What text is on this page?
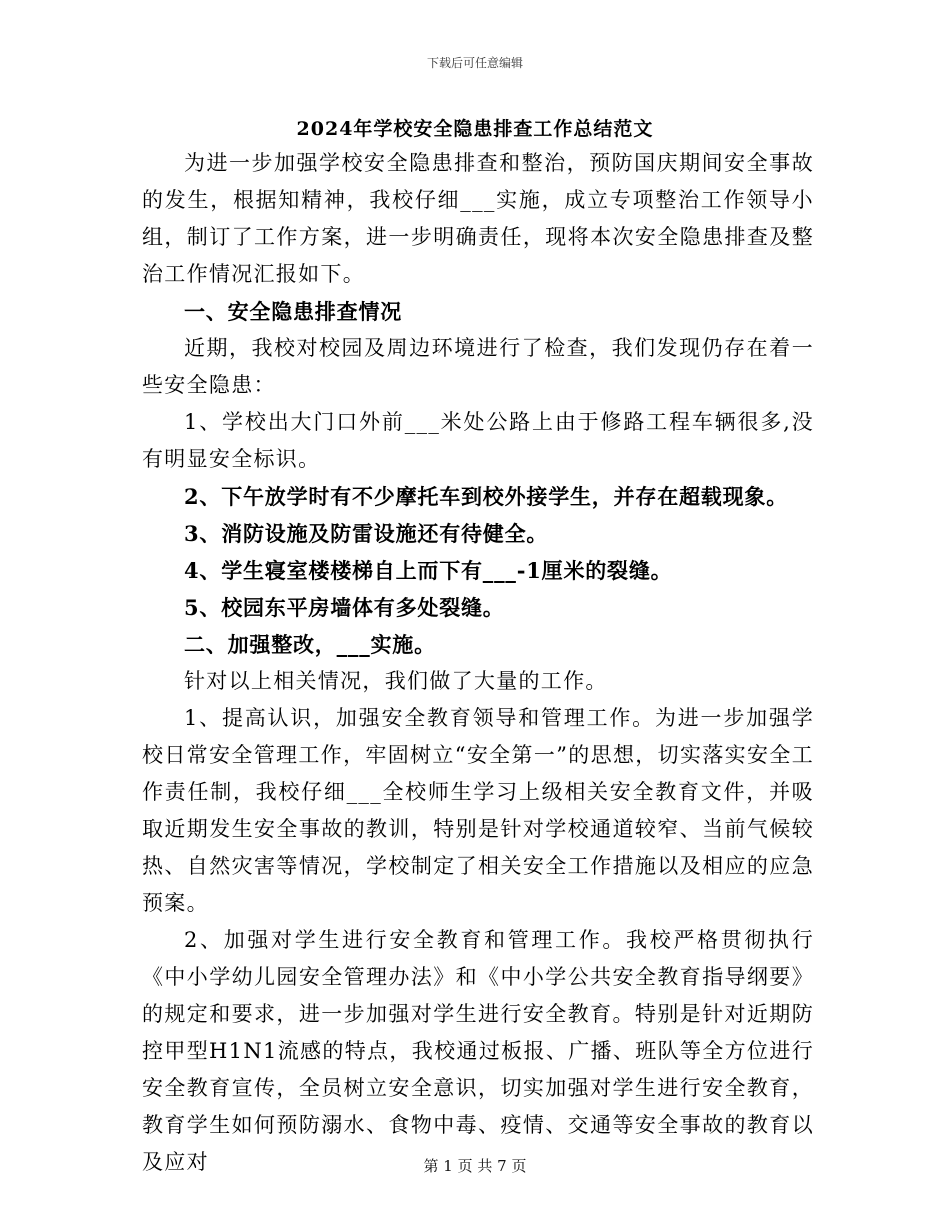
下载后可任意编辑
2024年学校安全隐患排查工作总结范文

为进一步加强学校安全隐患排查和整治，预防国庆期间安全事故的发生，根据知精神，我校仔细___实施，成立专项整治工作领导小组，制订了工作方案，进一步明确责任，现将本次安全隐患排查及整治工作情况汇报如下。

一、安全隐患排查情况

近期，我校对校园及周边环境进行了检查，我们发现仍存在着一些安全隐患：

1、学校出大门口外前___米处公路上由于修路工程车辆很多,没有明显安全标识。

2、下午放学时有不少摩托车到校外接学生，并存在超载现象。

3、消防设施及防雷设施还有待健全。

4、学生寝室楼楼梯自上而下有___-1厘米的裂缝。

5、校园东平房墙体有多处裂缝。

二、加强整改，___实施。

针对以上相关情况，我们做了大量的工作。

1、提高认识，加强安全教育领导和管理工作。为进一步加强学校日常安全管理工作，牢固树立“安全第一”的思想，切实落实安全工作责任制，我校仔细___全校师生学习上级相关安全教育文件，并吸取近期发生安全事故的教训，特别是针对学校通道较窄、当前气候较热、自然灾害等情况，学校制定了相关安全工作措施以及相应的应急预案。

2、加强对学生进行安全教育和管理工作。我校严格贯彻执行《中小学幼儿园安全管理办法》和《中小学公共安全教育指导纲要》的规定和要求，进一步加强对学生进行安全教育。特别是针对近期防控甲型H1N1流感的特点，我校通过板报、广播、班队等全方位进行安全教育宣传，全员树立安全意识，切实加强对学生进行安全教育，教育学生如何预防溺水、食物中毒、疫情、交通等安全事故的教育以及应对	第 1 页 共 7 页
